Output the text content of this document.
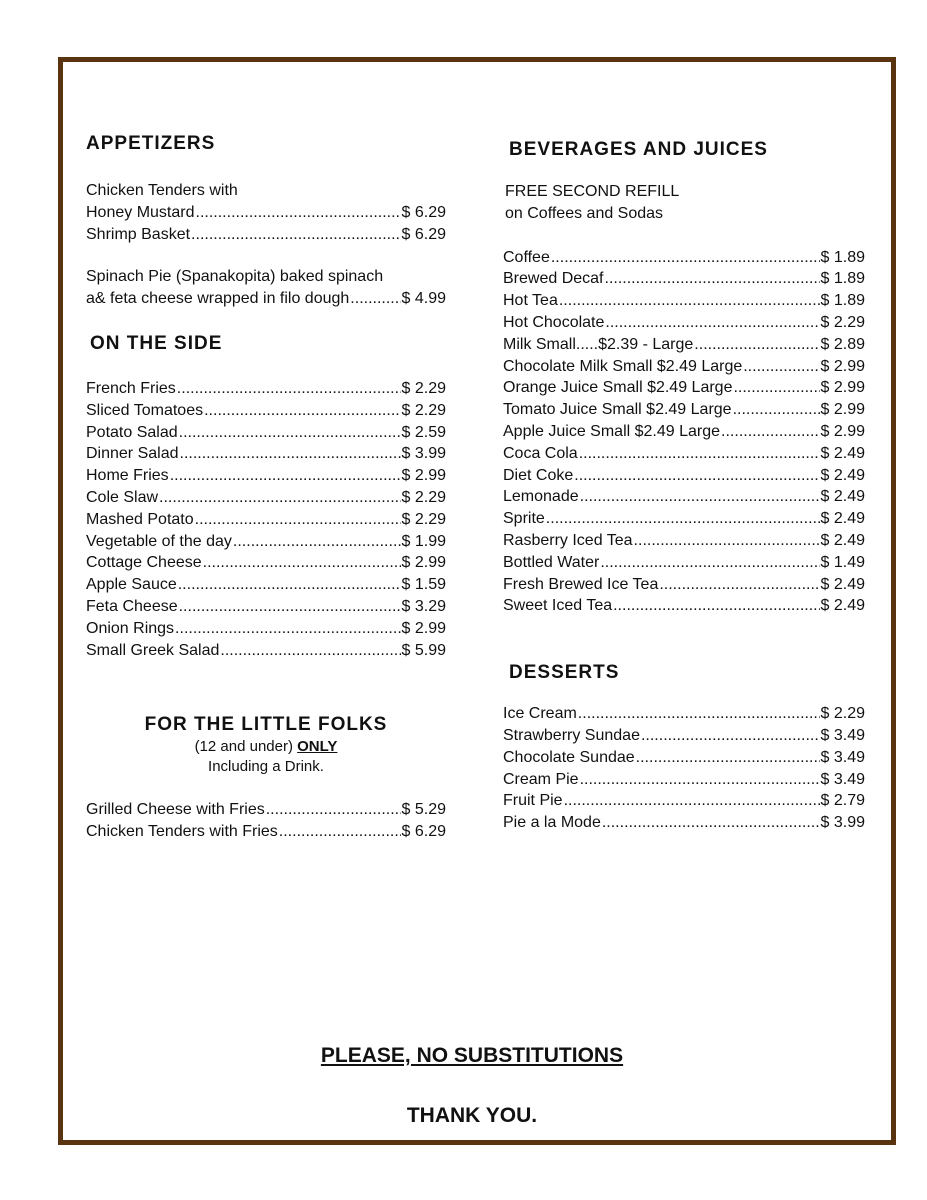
APPETIZERS
Chicken Tenders with
Honey Mustard .....	$ 6.29
Shrimp Basket .....	$ 6.29
Spinach Pie (Spanakopita) baked spinach
a& feta cheese wrapped in filo dough .....	$ 4.99
ON THE SIDE
French Fries .....	$ 2.29
Sliced Tomatoes .....	$ 2.29
Potato Salad .....	$ 2.59
Dinner Salad .....	$ 3.99
Home Fries .....	$ 2.99
Cole Slaw .....	$ 2.29
Mashed Potato .....	$ 2.29
Vegetable of the day .....	$ 1.99
Cottage Cheese .....	$ 2.99
Apple Sauce .....	$ 1.59
Feta Cheese .....	$ 3.29
Onion Rings .....	$ 2.99
Small Greek Salad .....	$ 5.99
FOR THE LITTLE FOLKS
(12 and under) ONLY
Including a Drink.
Grilled Cheese with Fries .....	$ 5.29
Chicken Tenders with Fries .....	$ 6.29
BEVERAGES AND JUICES
FREE SECOND REFILL
on Coffees and Sodas
Coffee .....	$ 1.89
Brewed Decaf .....	$ 1.89
Hot Tea .....	$ 1.89
Hot Chocolate .....	$ 2.29
Milk Small.....$2.39 - Large .....	$ 2.89
Chocolate Milk Small $2.49 Large .....	$ 2.99
Orange Juice Small $2.49 Large .....	$ 2.99
Tomato Juice Small $2.49 Large .....	$ 2.99
Apple Juice Small $2.49 Large .....	$ 2.99
Coca Cola .....	$ 2.49
Diet Coke .....	$ 2.49
Lemonade .....	$ 2.49
Sprite .....	$ 2.49
Rasberry Iced Tea .....	$ 2.49
Bottled Water .....	$ 1.49
Fresh Brewed Ice Tea .....	$ 2.49
Sweet Iced Tea .....	$ 2.49
DESSERTS
Ice Cream .....	$ 2.29
Strawberry Sundae .....	$ 3.49
Chocolate Sundae .....	$ 3.49
Cream Pie .....	$ 3.49
Fruit Pie .....	$ 2.79
Pie a la Mode .....	$ 3.99
PLEASE, NO SUBSTITUTIONS
THANK YOU.
